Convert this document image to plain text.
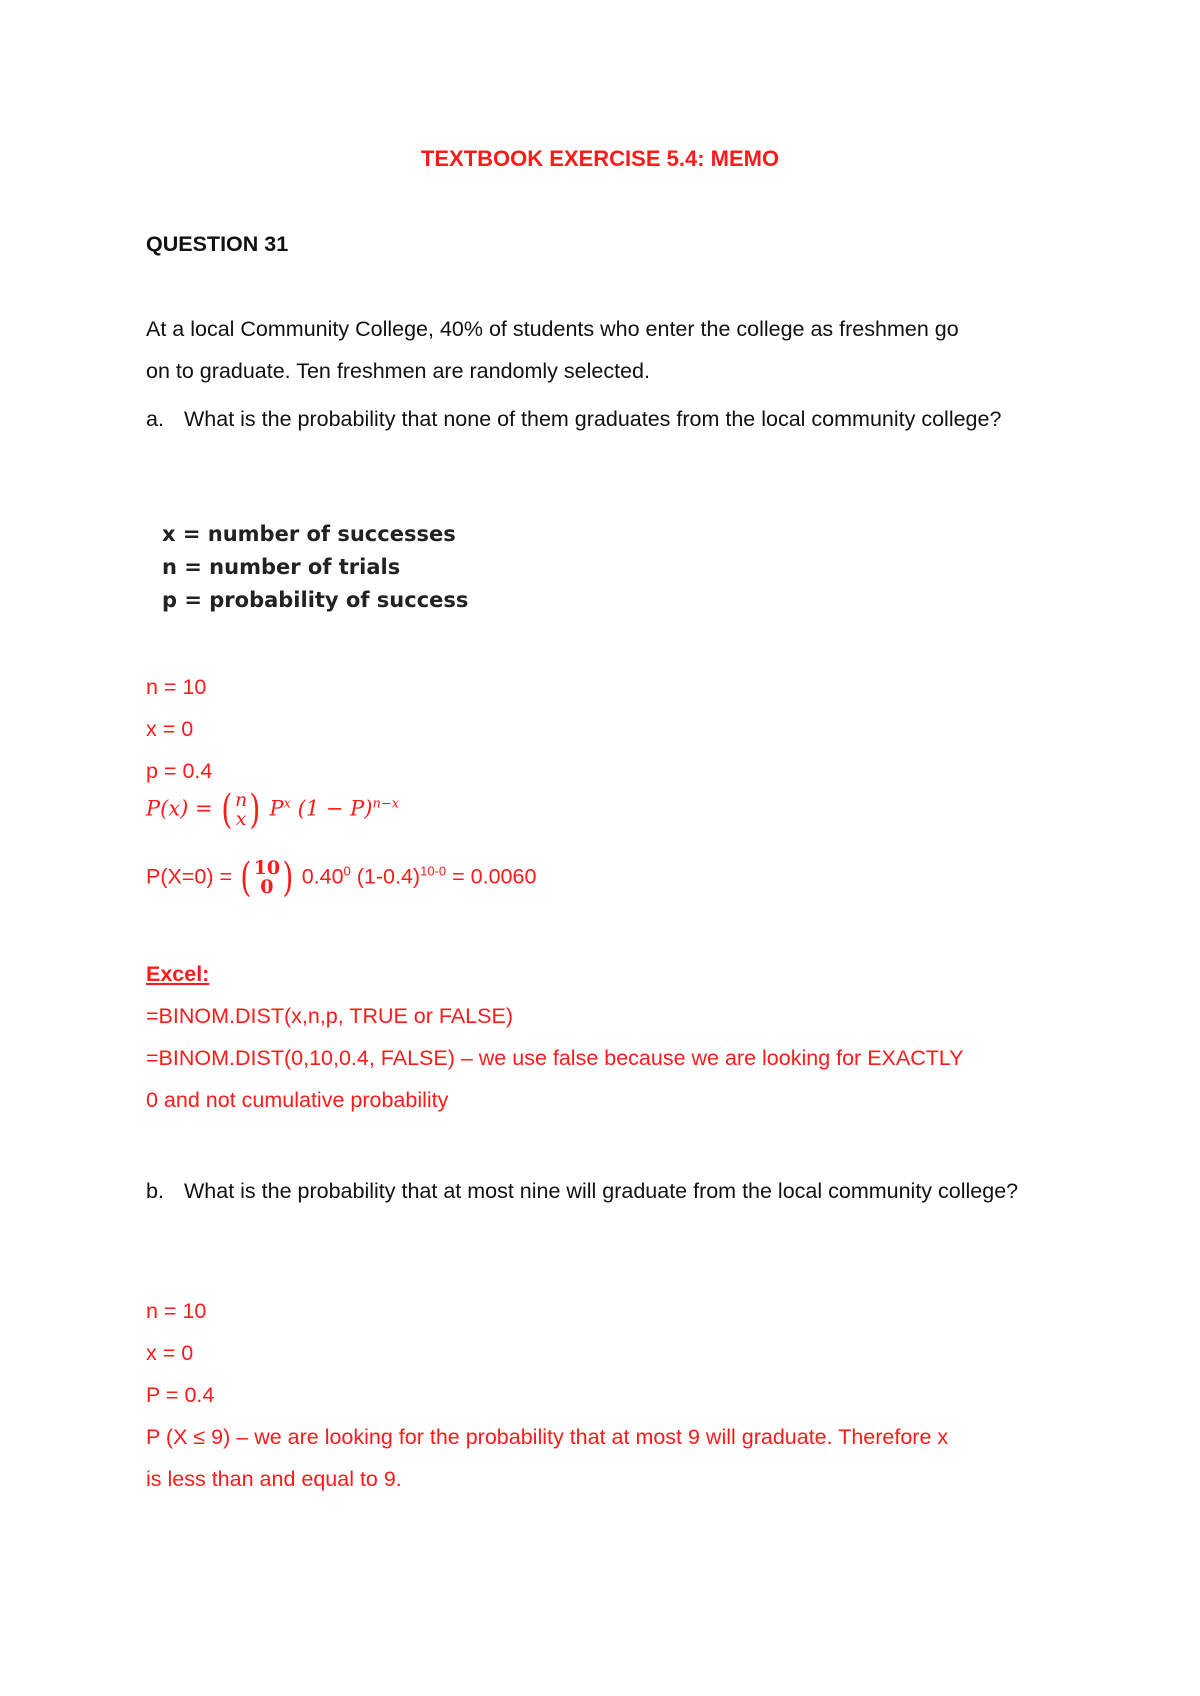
TEXTBOOK EXERCISE 5.4: MEMO
QUESTION 31
At a local Community College, 40% of students who enter the college as freshmen go
on to graduate. Ten freshmen are randomly selected.
a. What is the probability that none of them graduates from the local community college?
x = number of successes
n = number of trials
p = probability of success
n = 10
x = 0
p = 0.4
P(x) = ( n
x ) $P^x$ $(1 - P)^{n-x}$
P(X=0) = ( 10
0 ) 0.40$^0$ $(1-0.4)^{10-0} = 0.0060$
Excel:
=BINOM.DIST(x,n,p, TRUE or FALSE)
=BINOM.DIST(0,10,0.4, FALSE) – we use false because we are looking for EXACTLY
0 and not cumulative probability
b. What is the probability that at most nine will graduate from the local community college?
n = 10
x = 0
P = 0.4
P (X ≤ 9) – we are looking for the probability that at most 9 will graduate. Therefore x
is less than and equal to 9.
